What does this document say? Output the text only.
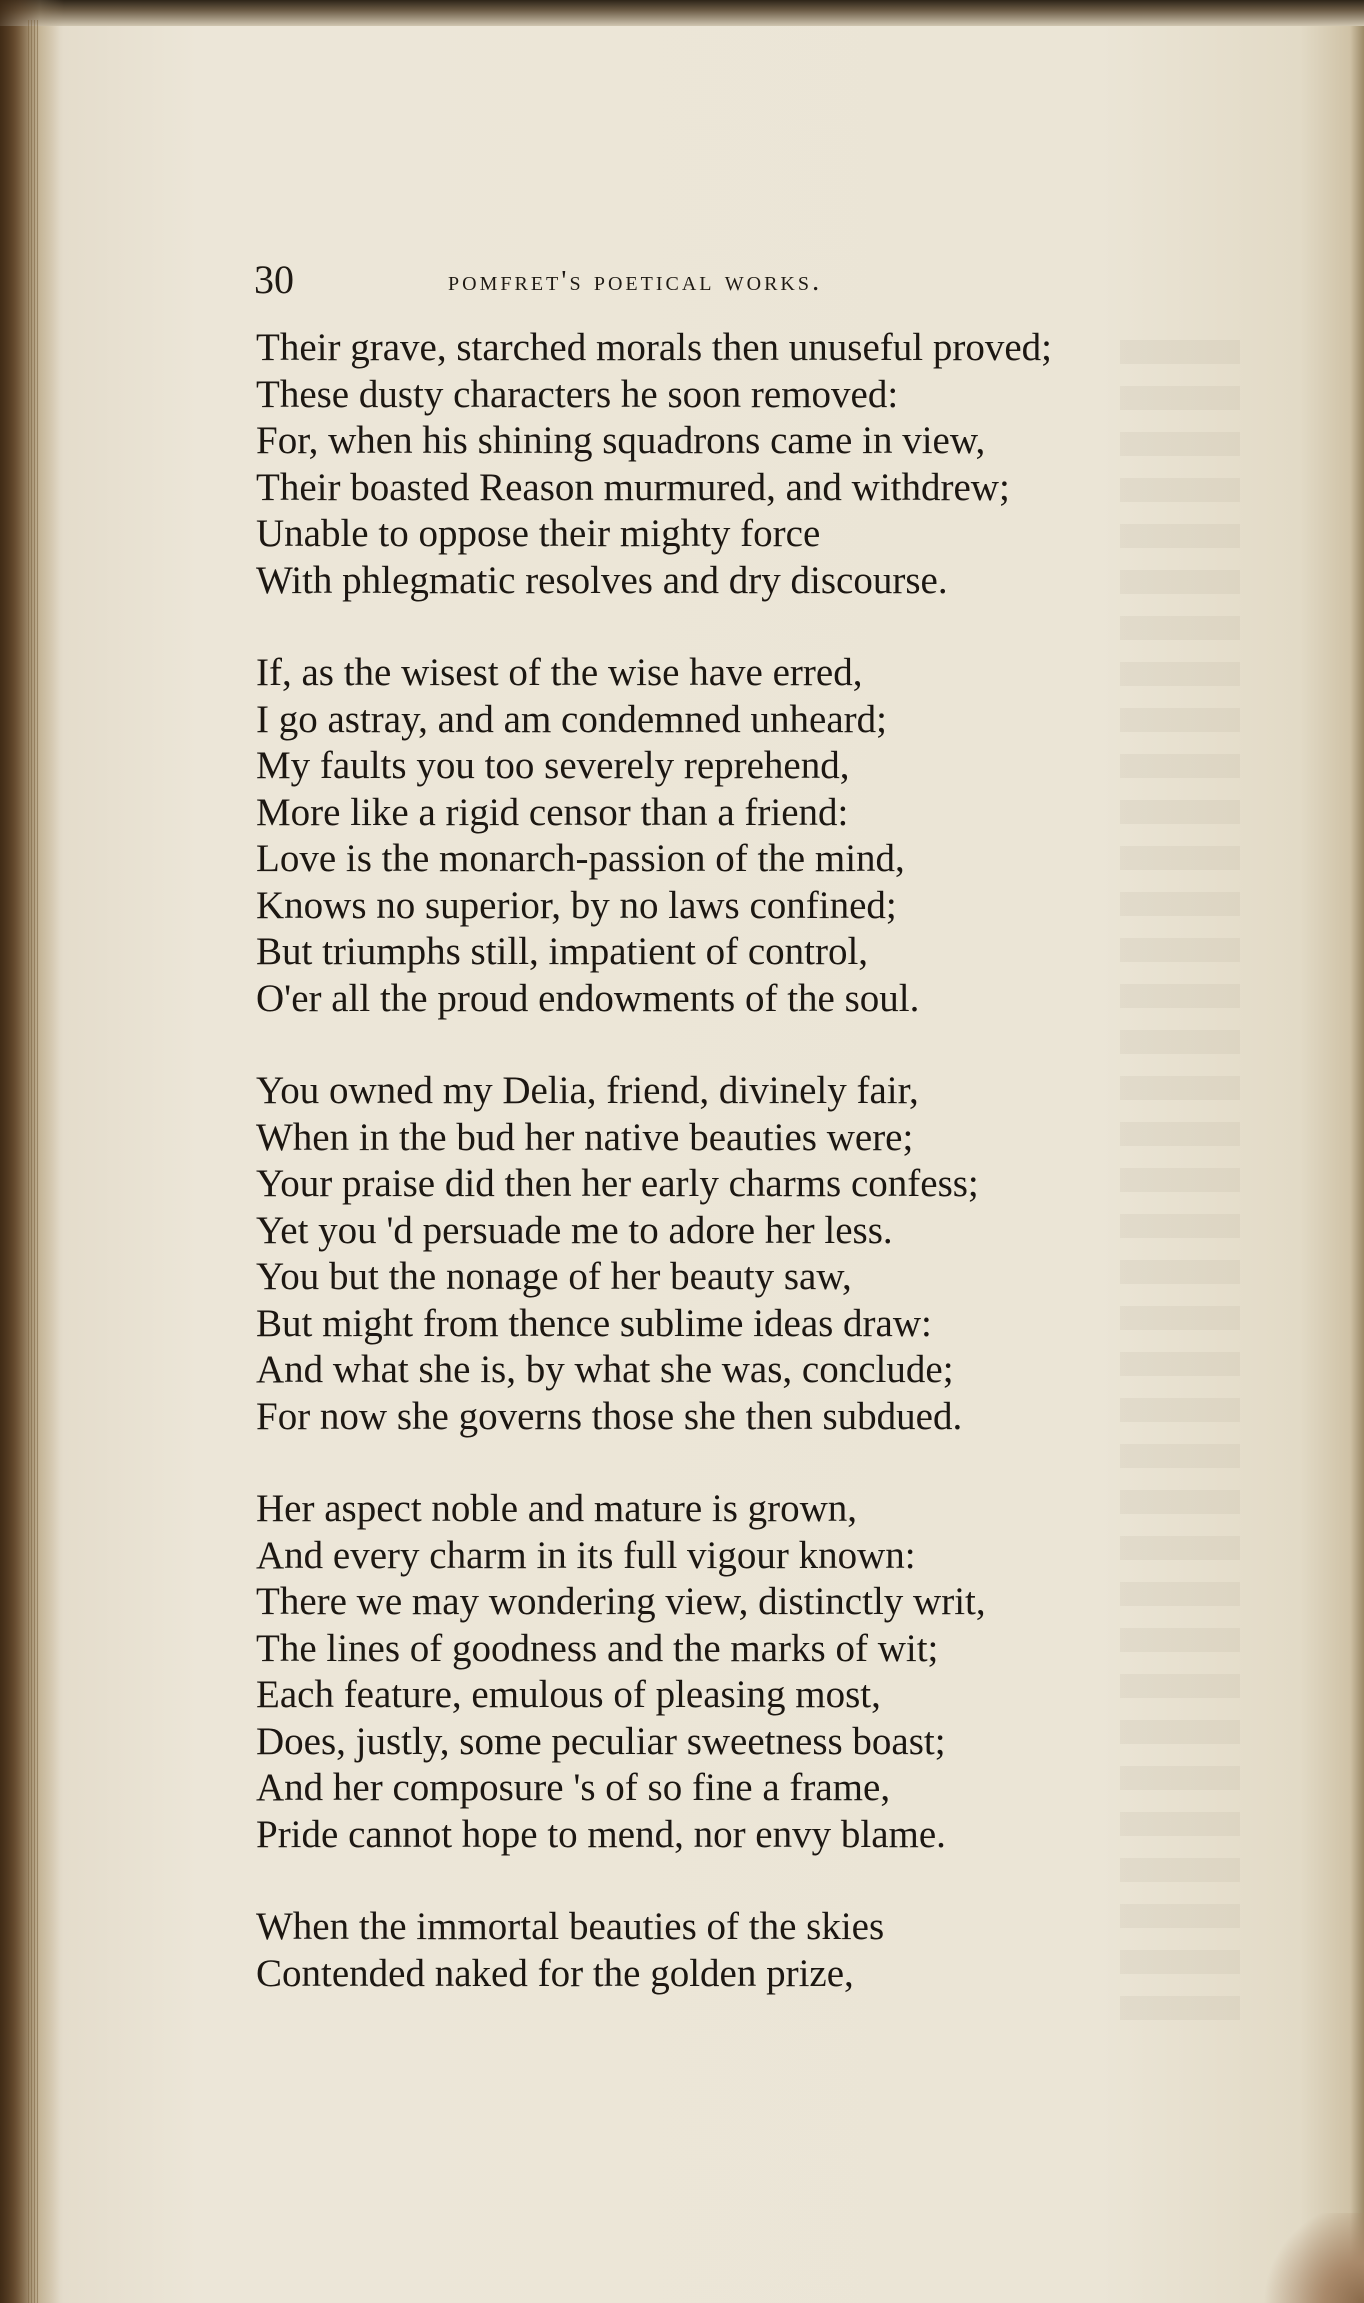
30	pomfret's poetical works.
Their grave, starched morals then unuseful proved;
These dusty characters he soon removed:
For, when his shining squadrons came in view,
Their boasted Reason murmured, and withdrew;
Unable to oppose their mighty force
With phlegmatic resolves and dry discourse.
If, as the wisest of the wise have erred,
I go astray, and am condemned unheard;
My faults you too severely reprehend,
More like a rigid censor than a friend:
Love is the monarch-passion of the mind,
Knows no superior, by no laws confined;
But triumphs still, impatient of control,
O'er all the proud endowments of the soul.
You owned my Delia, friend, divinely fair,
When in the bud her native beauties were;
Your praise did then her early charms confess;
Yet you 'd persuade me to adore her less.
You but the nonage of her beauty saw,
But might from thence sublime ideas draw:
And what she is, by what she was, conclude;
For now she governs those she then subdued.
Her aspect noble and mature is grown,
And every charm in its full vigour known:
There we may wondering view, distinctly writ,
The lines of goodness and the marks of wit;
Each feature, emulous of pleasing most,
Does, justly, some peculiar sweetness boast;
And her composure 's of so fine a frame,
Pride cannot hope to mend, nor envy blame.
When the immortal beauties of the skies
Contended naked for the golden prize,
